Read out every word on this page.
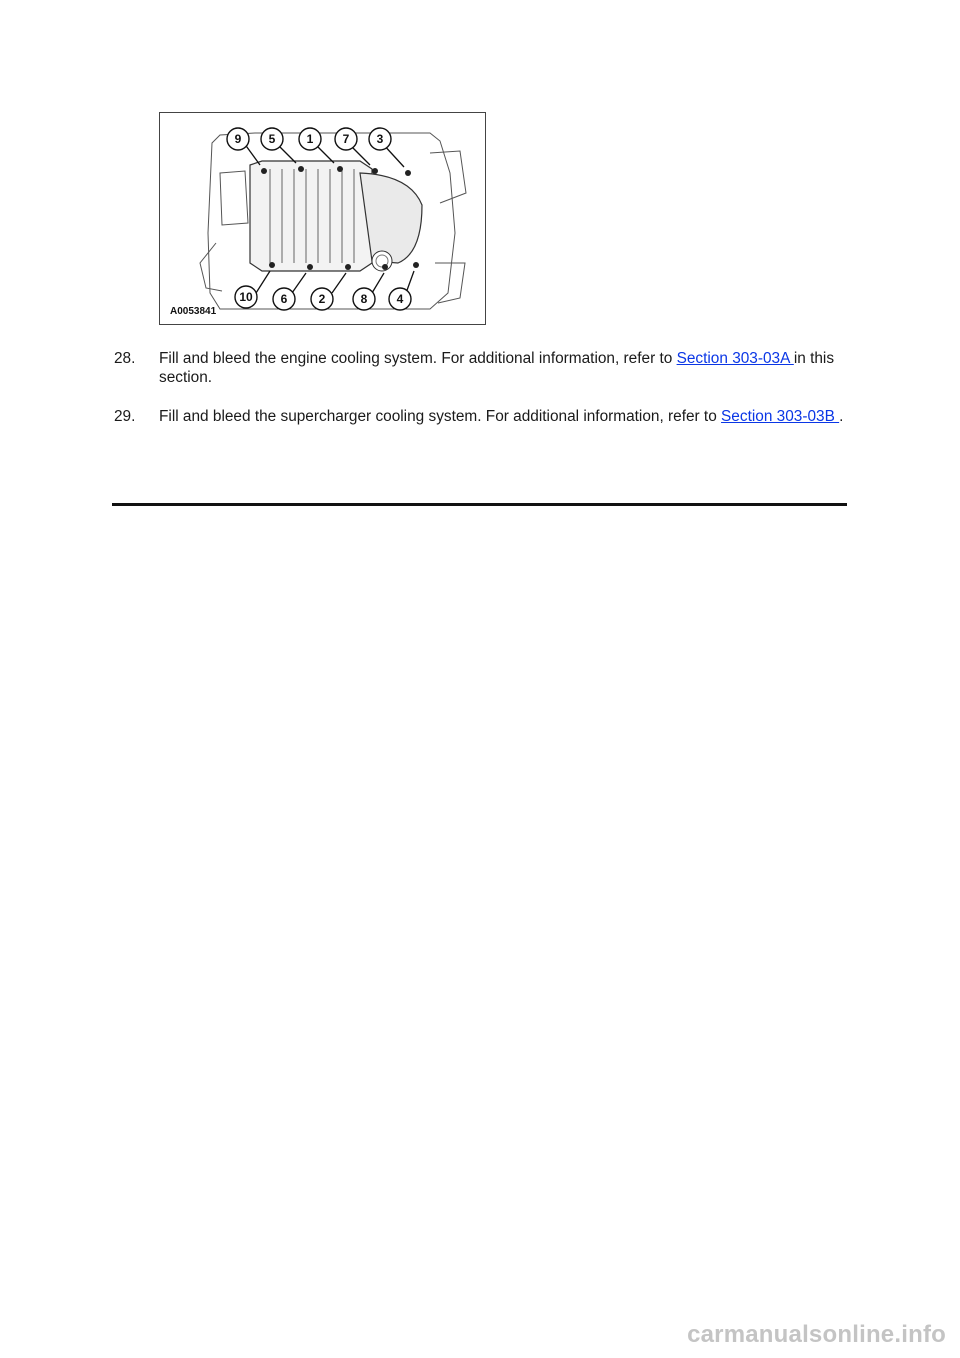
9 5	1 7 3
10 6	2	8 4
A0053841
28. Fill and bleed the engine cooling system. For additional information, refer to Section 303-03A in this section.
29. Fill and bleed the supercharger cooling system. For additional information, refer to Section 303-03B .
carmanualsonline.info
